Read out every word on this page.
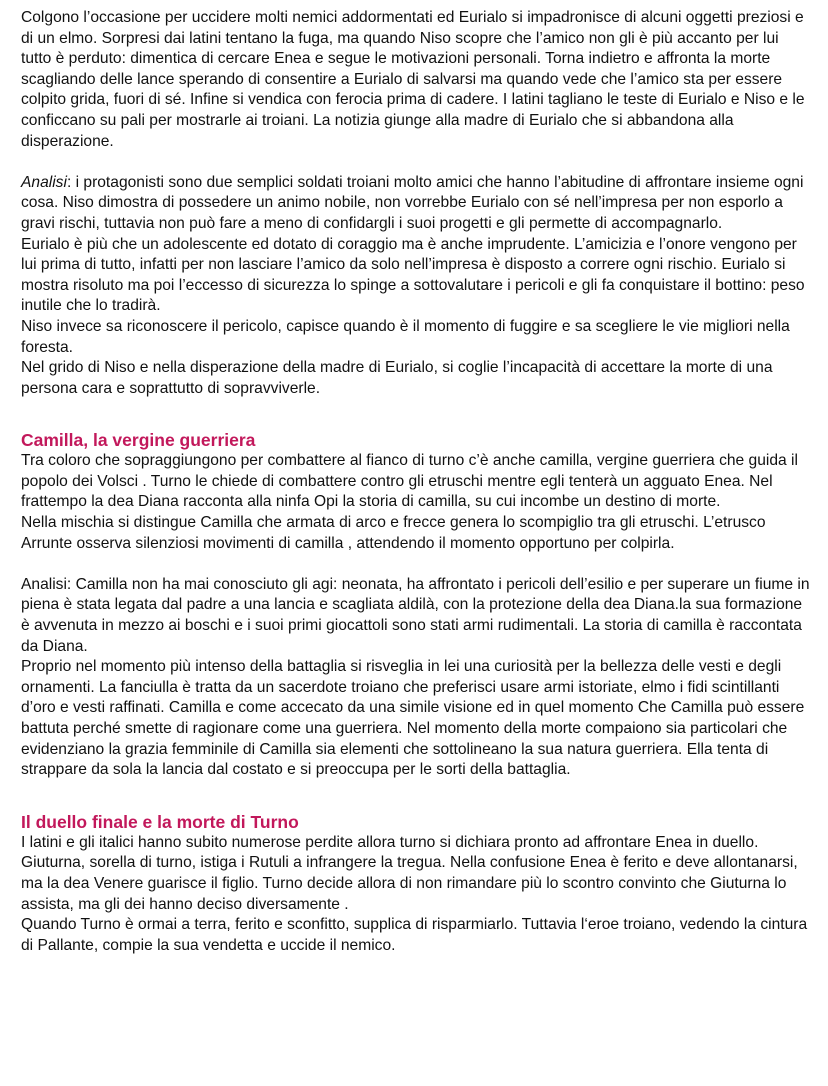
Colgono l’occasione per uccidere molti nemici addormentati ed Eurialo si impadronisce di alcuni oggetti preziosi e di un elmo. Sorpresi dai latini tentano la fuga, ma quando Niso scopre che l’amico non gli è più accanto per lui tutto è perduto: dimentica di cercare Enea e segue le motivazioni personali. Torna indietro e affronta la morte scagliando delle lance sperando di consentire a Eurialo di salvarsi ma quando vede che l’amico sta per essere colpito grida, fuori di sé. Infine si vendica con ferocia prima di cadere. I latini tagliano le teste di Eurialo e Niso e le conficcano su pali per mostrarle ai troiani. La notizia giunge alla madre di Eurialo che si abbandona alla disperazione.

Analisi: i protagonisti sono due semplici soldati troiani molto amici che hanno l’abitudine di affrontare insieme ogni cosa. Niso dimostra di possedere un animo nobile, non vorrebbe Eurialo con sé nell’impresa per non esporlo a gravi rischi, tuttavia non può fare a meno di confidargli i suoi progetti e gli permette di accompagnarlo.

Eurialo è più che un adolescente ed dotato di coraggio ma è anche imprudente. L’amicizia e l’onore vengono per lui prima di tutto, infatti per non lasciare l’amico da solo nell’impresa è disposto a correre ogni rischio. Eurialo si mostra risoluto ma poi l’eccesso di sicurezza lo spinge a sottovalutare i pericoli e gli fa conquistare il bottino: peso inutile che lo tradirà.

Niso invece sa riconoscere il pericolo, capisce quando è il momento di fuggire e sa scegliere le vie migliori nella foresta.

Nel grido di Niso e nella disperazione della madre di Eurialo, si coglie l’incapacità di accettare la morte di una persona cara e soprattutto di sopravviverle.

Camilla, la vergine guerriera

Tra coloro che sopraggiungono per combattere al fianco di turno c’è anche camilla, vergine guerriera che guida il popolo dei Volsci . Turno le chiede di combattere contro gli etruschi mentre egli tenterà un agguato Enea. Nel frattempo la dea Diana racconta alla ninfa Opi la storia di camilla, su cui incombe un destino di morte.

Nella mischia si distingue Camilla che armata di arco e frecce genera lo scompiglio tra gli etruschi. L’etrusco Arrunte osserva silenziosi movimenti di camilla , attendendo il momento opportuno per colpirla.

Analisi: Camilla non ha mai conosciuto gli agi: neonata, ha affrontato i pericoli dell’esilio e per superare un fiume in piena è stata legata dal padre a una lancia e scagliata aldilà, con la protezione della dea Diana.la sua formazione è avvenuta in mezzo ai boschi e i suoi primi giocattoli sono stati armi rudimentali. La storia di camilla è raccontata da Diana.

Proprio nel momento più intenso della battaglia si risveglia in lei una curiosità per la bellezza delle vesti e degli ornamenti. La fanciulla è tratta da un sacerdote troiano che preferisci usare armi istoriate, elmo i fidi scintillanti d’oro e vesti raffinati. Camilla e come accecato da una simile visione ed in quel momento Che Camilla può essere battuta perché smette di ragionare come una guerriera. Nel momento della morte compaiono sia particolari che evidenziano la grazia femminile di Camilla sia elementi che sottolineano la sua natura guerriera. Ella tenta di strappare da sola la lancia dal costato e si preoccupa per le sorti della battaglia.

Il duello finale e la morte di Turno

I latini e gli italici hanno subito numerose perdite allora turno si dichiara pronto ad affrontare Enea in duello. Giuturna, sorella di turno, istiga i Rutuli a infrangere la tregua. Nella confusione Enea è ferito e deve allontanarsi, ma la dea Venere guarisce il figlio. Turno decide allora di non rimandare più lo scontro convinto che Giuturna lo assista, ma gli dei hanno deciso diversamente .

Quando Turno è ormai a terra, ferito e sconfitto, supplica di risparmiarlo. Tuttavia l‘eroe troiano, vedendo la cintura di Pallante, compie la sua vendetta e uccide il nemico.
